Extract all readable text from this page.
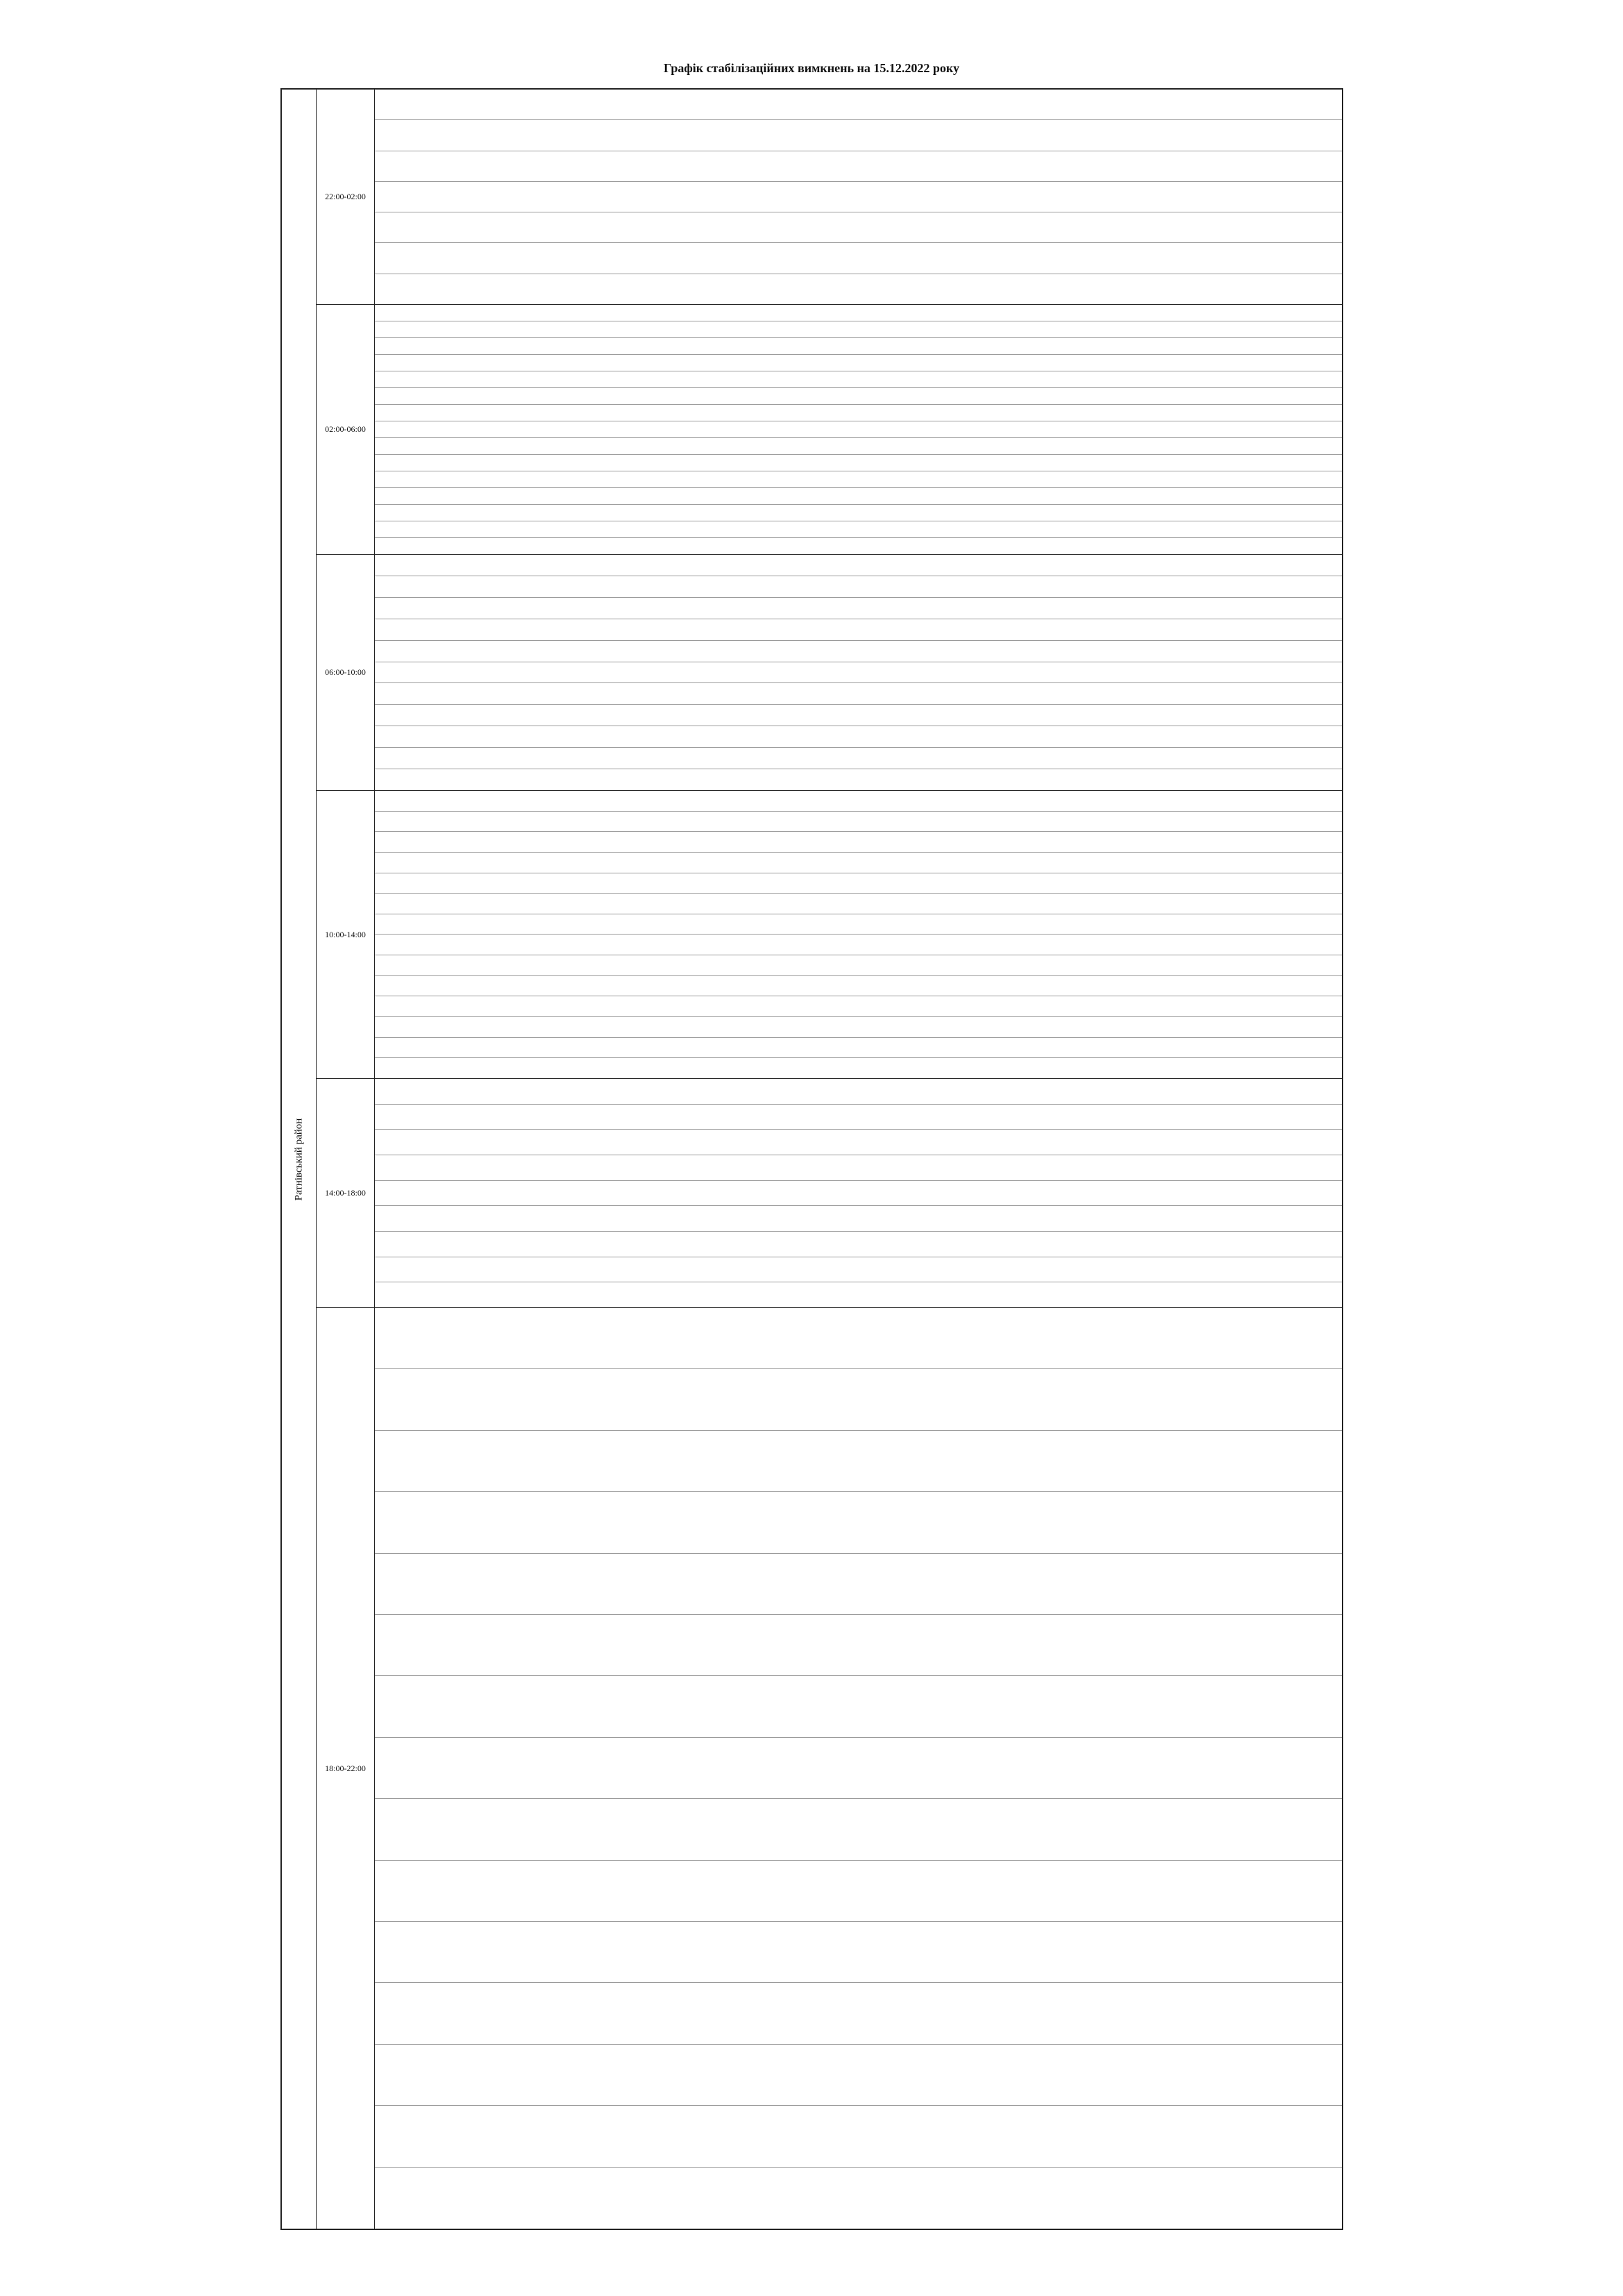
Графік стабілізаційних вимкнень на 15.12.2022 року
Ратнівський район
22:00-02:00
02:00-06:00
06:00-10:00
10:00-14:00
14:00-18:00
18:00-22:00
